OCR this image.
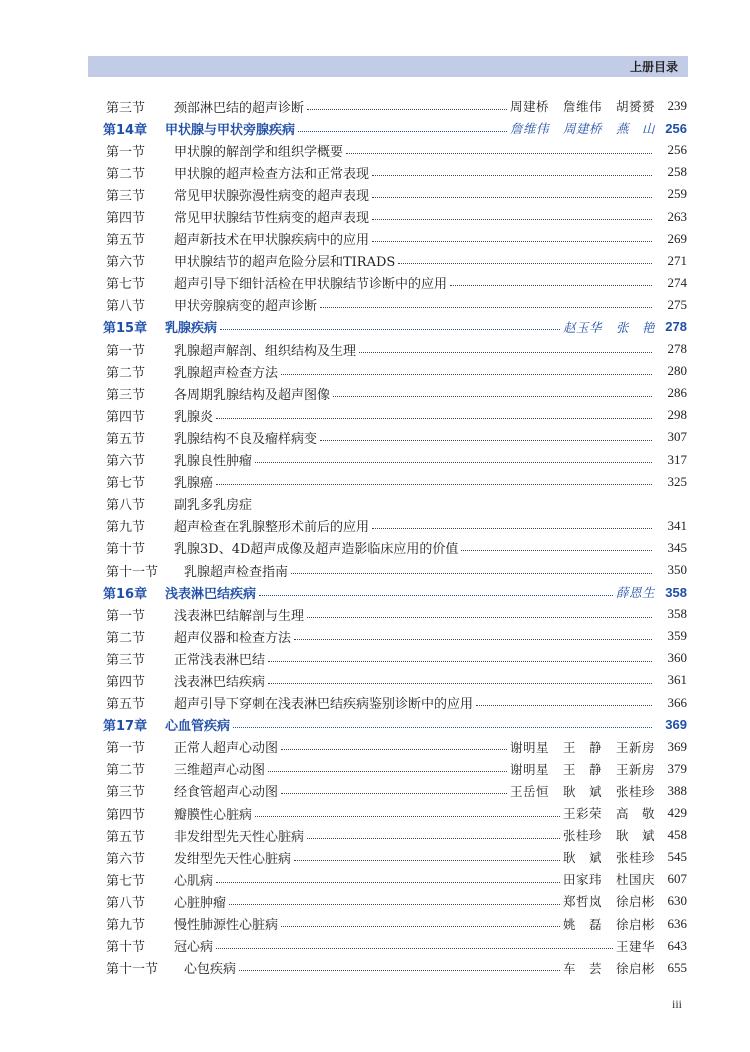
上册目录
第三节	颈部淋巴结的超声诊断	周建桥 詹维伟 胡赟赟 239
第14章	甲状腺与甲状旁腺疾病	詹维伟 周建桥 燕　山 256
第一节	甲状腺的解剖学和组织学概要	256
第二节	甲状腺的超声检查方法和正常表现	258
第三节	常见甲状腺弥漫性病变的超声表现	259
第四节	常见甲状腺结节性病变的超声表现	263
第五节	超声新技术在甲状腺疾病中的应用	269
第六节	甲状腺结节的超声危险分层和TIRADS	271
第七节	超声引导下细针活检在甲状腺结节诊断中的应用	274
第八节	甲状旁腺病变的超声诊断	275
第15章	乳腺疾病	赵玉华 张　艳 278
第一节	乳腺超声解剖、组织结构及生理	278
第二节	乳腺超声检查方法	280
第三节	各周期乳腺结构及超声图像	286
第四节	乳腺炎	298
第五节	乳腺结构不良及瘤样病变	307
第六节	乳腺良性肿瘤	317
第七节	乳腺癌	325
第八节	副乳多乳房症
第九节	超声检查在乳腺整形术前后的应用	341
第十节	乳腺3D、4D超声成像及超声造影临床应用的价值	345
第十一节	乳腺超声检查指南	350
第16章	浅表淋巴结疾病	薛恩生 358
第一节	浅表淋巴结解剖与生理	358
第二节	超声仪器和检查方法	359
第三节	正常浅表淋巴结	360
第四节	浅表淋巴结疾病	361
第五节	超声引导下穿刺在浅表淋巴结疾病鉴别诊断中的应用	366
第17章	心血管疾病	369
第一节	正常人超声心动图	谢明星 王　静 王新房 369
第二节	三维超声心动图	谢明星 王　静 王新房 379
第三节	经食管超声心动图	王岳恒 耿　斌 张桂珍 388
第四节	瓣膜性心脏病	王彩荣 高　敬 429
第五节	非发绀型先天性心脏病	张桂珍 耿　斌 458
第六节	发绀型先天性心脏病	耿　斌 张桂珍 545
第七节	心肌病	田家玮 杜国庆 607
第八节	心脏肿瘤	郑哲岚 徐启彬 630
第九节	慢性肺源性心脏病	姚　磊 徐启彬 636
第十节	冠心病	王建华 643
第十一节	心包疾病	车　芸 徐启彬 655
iii
